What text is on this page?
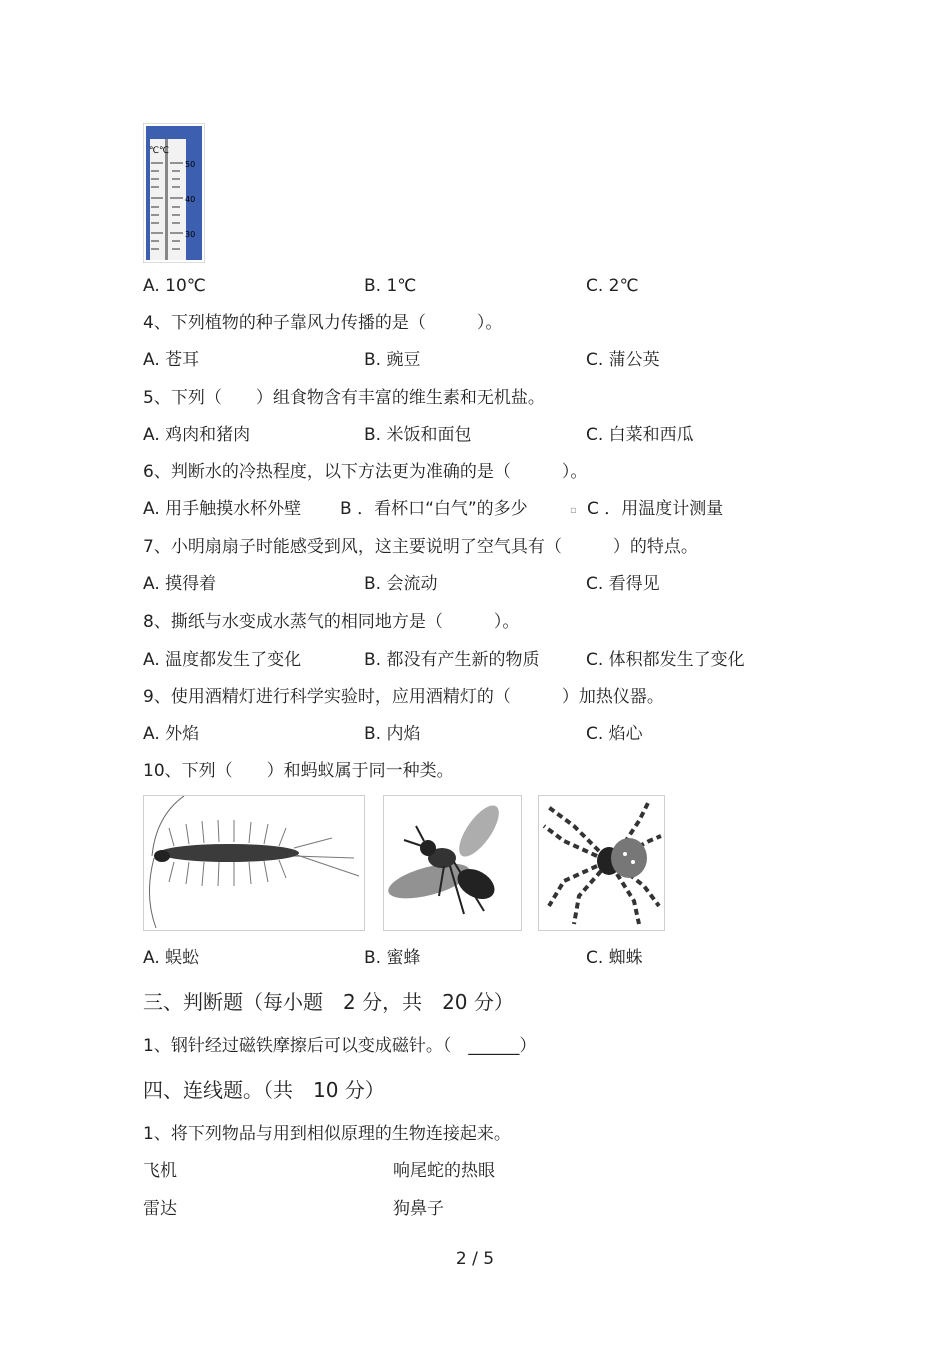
℃ ℃
50
40
30
A. 10℃	B. 1℃	C. 2℃
4、下列植物的种子靠风力传播的是（　　　）。
A. 苍耳	B. 豌豆	C. 蒲公英
5、下列（　　）组食物含有丰富的维生素和无机盐。
A. 鸡肉和猪肉	B. 米饭和面包	C. 白菜和西瓜
6、判断水的冷热程度，以下方法更为准确的是（　　　）。
A. 用手触摸水杯外壁 B ．看杯口“白气”的多少	▫ C ．用温度计测量
7、小明扇扇子时能感受到风，这主要说明了空气具有（　　　）的特点。
A. 摸得着	B. 会流动	C. 看得见
8、撕纸与水变成水蒸气的相同地方是（　　　）。
A. 温度都发生了变化	B. 都没有产生新的物质	C. 体积都发生了变化
9、使用酒精灯进行科学实验时，应用酒精灯的（　　　）加热仪器。
A. 外焰	B. 内焰	C. 焰心
10、下列（　　）和蚂蚁属于同一种类。
A. 蜈蚣	B. 蜜蜂	C. 蜘蛛
三、判断题（每小题　2 分，共　20 分）
1、钢针经过磁铁摩擦后可以变成磁针。（　______）
四、连线题。（共　10 分）
1、将下列物品与用到相似原理的生物连接起来。
飞机	响尾蛇的热眼
雷达	狗鼻子
2 / 5
